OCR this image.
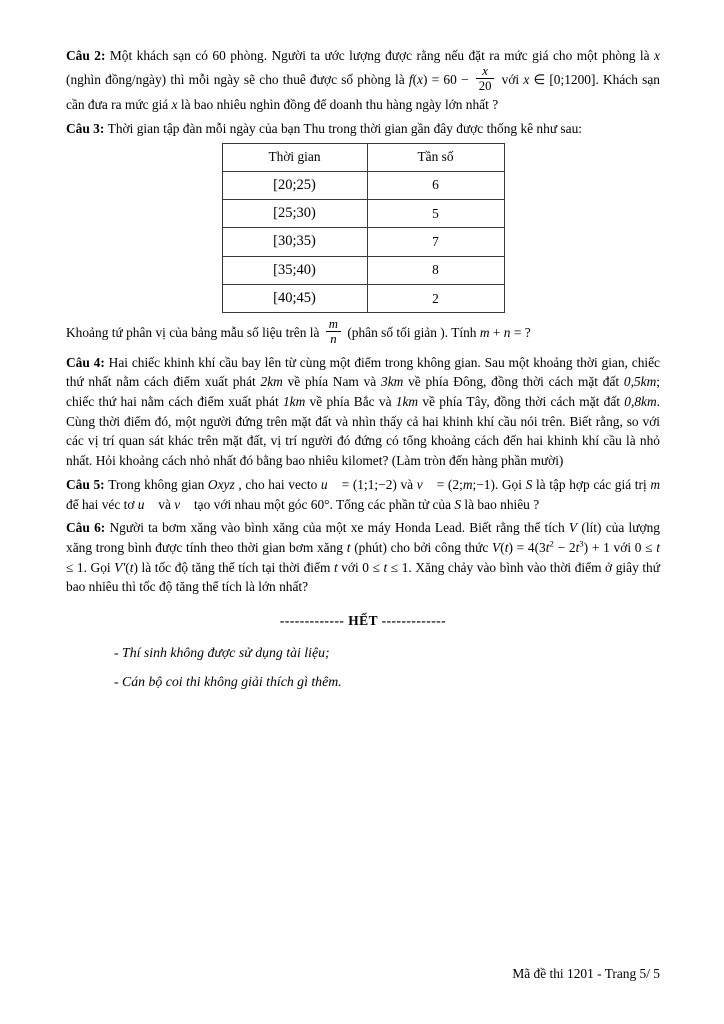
Câu 2: Một khách sạn có 60 phòng. Người ta ước lượng được rằng nếu đặt ra mức giá cho một phòng là x (nghìn đồng/ngày) thì mỗi ngày sẽ cho thuê được số phòng là $f(x) = 60 - \frac{x}{20}$ với x ∈ [0;1200]. Khách sạn cần đưa ra mức giá x là bao nhiêu nghìn đồng để doanh thu hàng ngày lớn nhất ?

Câu 3: Thời gian tập đàn mỗi ngày của bạn Thu trong thời gian gần đây được thống kê như sau:

Thời gian	Tần số
[20;25)	6
[25;30)	5
[30;35)	7
[35;40)	8
[40;45)	2

Khoảng tứ phân vị của bảng mẫu số liệu trên là $\frac{m}{n}$ (phân số tối giản ). Tính m + n = ?

Câu 4: Hai chiếc khinh khí cầu bay lên từ cùng một điểm trong không gian. Sau một khoảng thời gian, chiếc thứ nhất nằm cách điểm xuất phát 2km về phía Nam và 3km về phía Đông, đồng thời cách mặt đất 0,5km; chiếc thứ hai nằm cách điểm xuất phát 1km về phía Bắc và 1km về phía Tây, đồng thời cách mặt đất 0,8km. Cùng thời điểm đó, một người đứng trên mặt đất và nhìn thấy cả hai khinh khí cầu nói trên. Biết rằng, so với các vị trí quan sát khác trên mặt đất, vị trí người đó đứng có tổng khoảng cách đến hai khinh khí cầu là nhỏ nhất. Hỏi khoảng cách nhỏ nhất đó bằng bao nhiêu kilomet? (Làm tròn đến hàng phần mười)

Câu 5: Trong không gian Oxyz , cho hai vecto u⃗ = (1;1;−2) và v⃗ = (2;m;−1). Gọi S là tập hợp các giá trị m để hai véc tơ u⃗ và v⃗ tạo với nhau một góc 60°. Tổng các phần tử của S là bao nhiêu ?

Câu 6: Người ta bơm xăng vào bình xăng của một xe máy Honda Lead. Biết rằng thể tích V (lít) của lượng xăng trong bình được tính theo thời gian bơm xăng t (phút) cho bởi công thức $V(t) = 4(3t^2 - 2t^3) + 1$ với 0 ≤ t ≤ 1. Gọi V′(t) là tốc độ tăng thể tích tại thời điểm t với 0 ≤ t ≤ 1. Xăng chảy vào bình vào thời điểm ở giây thứ bao nhiêu thì tốc độ tăng thể tích là lớn nhất?

------------- HẾT -------------

- Thí sinh không được sử dụng tài liệu;

- Cán bộ coi thi không giải thích gì thêm.

Mã đề thi 1201 - Trang 5/ 5
